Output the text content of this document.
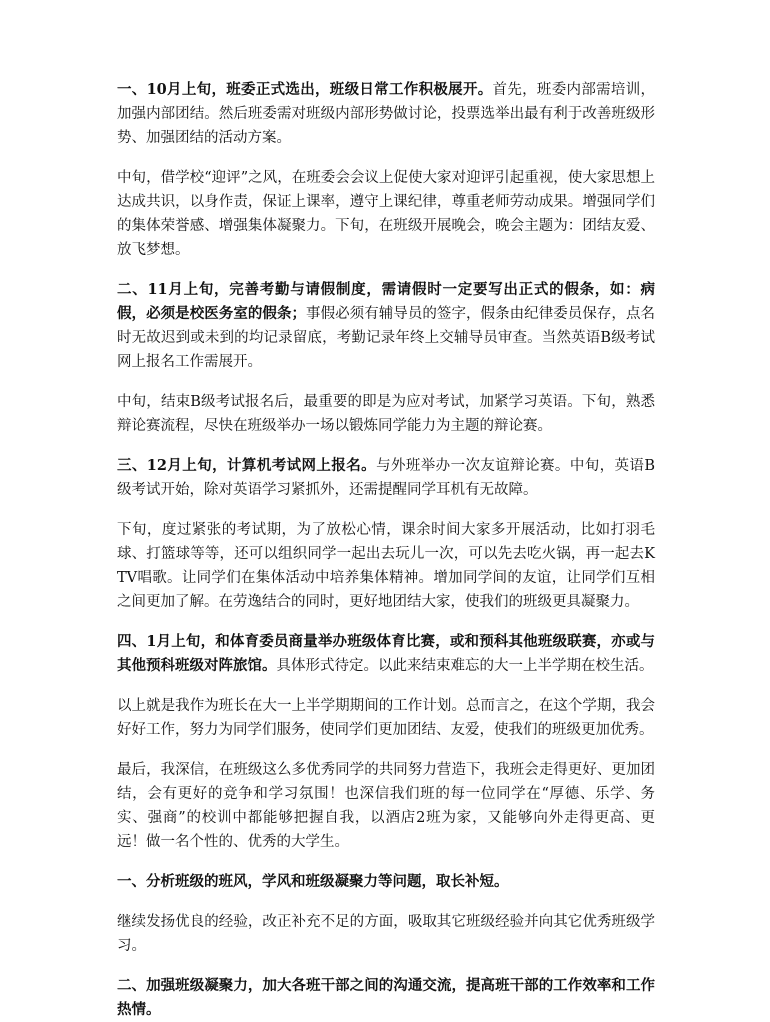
一、10月上旬，班委正式选出，班级日常工作积极展开。首先，班委内部需培训，加强内部团结。然后班委需对班级内部形势做讨论，投票选举出最有利于改善班级形势、加强团结的活动方案。

中旬，借学校“迎评”之风，在班委会会议上促使大家对迎评引起重视，使大家思想上达成共识，以身作责，保证上课率，遵守上课纪律，尊重老师劳动成果。增强同学们的集体荣誉感、增强集体凝聚力。下旬，在班级开展晚会，晚会主题为：团结友爱、放飞梦想。

二、11月上旬，完善考勤与请假制度，需请假时一定要写出正式的假条，如：病假，必须是校医务室的假条；事假必须有辅导员的签字，假条由纪律委员保存，点名时无故迟到或未到的均记录留底，考勤记录年终上交辅导员审查。当然英语B级考试网上报名工作需展开。

中旬，结束B级考试报名后，最重要的即是为应对考试，加紧学习英语。下旬，熟悉辩论赛流程，尽快在班级举办一场以锻炼同学能力为主题的辩论赛。

三、12月上旬，计算机考试网上报名。与外班举办一次友谊辩论赛。中旬，英语B级考试开始，除对英语学习紧抓外，还需提醒同学耳机有无故障。

下旬，度过紧张的考试期，为了放松心情，课余时间大家多开展活动，比如打羽毛球、打篮球等等，还可以组织同学一起出去玩儿一次，可以先去吃火锅，再一起去KTV唱歌。让同学们在集体活动中培养集体精神。增加同学间的友谊，让同学们互相之间更加了解。在劳逸结合的同时，更好地团结大家，使我们的班级更具凝聚力。

四、1月上旬，和体育委员商量举办班级体育比赛，或和预科其他班级联赛，亦或与其他预科班级对阵旅馆。具体形式待定。以此来结束难忘的大一上半学期在校生活。

以上就是我作为班长在大一上半学期期间的工作计划。总而言之，在这个学期，我会好好工作，努力为同学们服务，使同学们更加团结、友爱，使我们的班级更加优秀。

最后，我深信，在班级这么多优秀同学的共同努力营造下，我班会走得更好、更加团结，会有更好的竞争和学习氛围！也深信我们班的每一位同学在“厚德、乐学、务实、强商”的校训中都能够把握自我，以酒店2班为家，又能够向外走得更高、更远！做一名个性的、优秀的大学生。

一、分析班级的班风，学风和班级凝聚力等问题，取长补短。

继续发扬优良的经验，改正补充不足的方面，吸取其它班级经验并向其它优秀班级学习。

二、加强班级凝聚力，加大各班干部之间的沟通交流，提高班干部的工作效率和工作热情。
